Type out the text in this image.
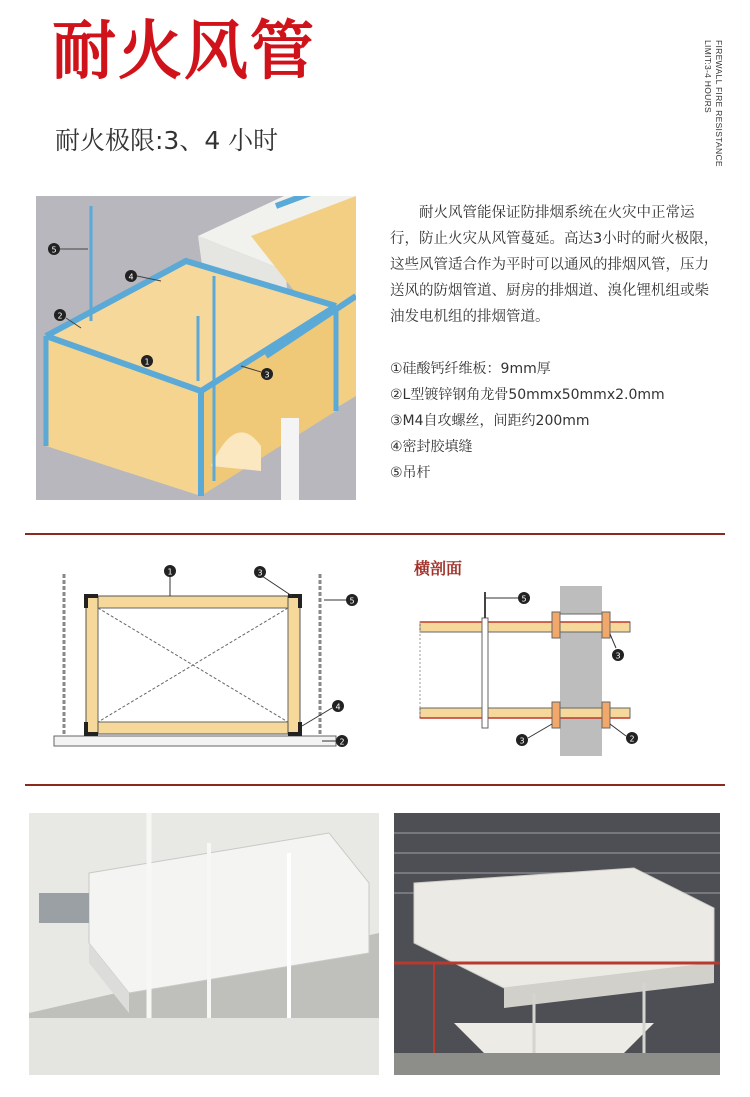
耐火风管
耐火极限:3、4 小时	FIREWALL FIRE RESISTANCE
LIMIT:3-4 HOURS
5
4
2
1
3

耐火风管能保证防排烟系统在火灾中正常运行，防止火灾从风管蔓延。高达3小时的耐火极限，这些风管适合作为平时可以通风的排烟风管，压力送风的防烟管道、厨房的排烟道、溴化锂机组或柴油发电机组的排烟管道。

①硅酸钙纤维板：9mm厚
②L型镀锌钢角龙骨50mmx50mmx2.0mm
③M4自攻螺丝，间距约200mm
④密封胶填缝
⑤吊杆
1	3
5
4
2
横剖面
5
3
3	2
